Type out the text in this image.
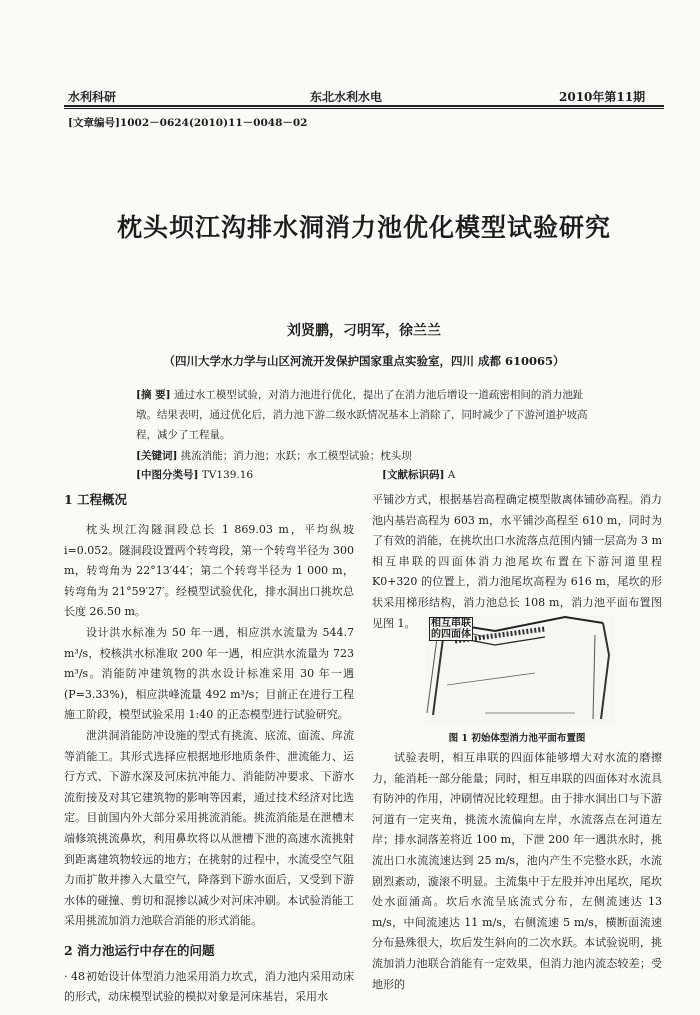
水利科研	东北水利水电	2010年第11期
[文章编号]1002－0624(2010)11－0048－02
枕头坝江沟排水洞消力池优化模型试验研究
刘贤鹏，刁明军，徐兰兰
（四川大学水力学与山区河流开发保护国家重点实验室，四川 成都 610065）
[摘 要] 通过水工模型试验，对消力池进行优化，提出了在消力池后增设一道疏密相间的消力池趾墩。结果表明，通过优化后，消力池下游二级水跃情况基本上消除了，同时减少了下游河道护坡高程，减少了工程量。
[关键词] 挑流消能；消力池；水跃；水工模型试验；枕头坝
[中图分类号] TV139.16	[文献标识码] A

1 工程概况

枕头坝江沟隧洞段总长 1 869.03 m，平均纵坡 i=0.052。隧洞段设置两个转弯段，第一个转弯半径为 300 m，转弯角为 22°13′44′；第二个转弯半径为 1 000 m，转弯角为 21°59′27′。经模型试验优化，排水洞出口挑坎总长度 26.50 m。

设计洪水标准为 50 年一遇，相应洪水流量为 544.7 m³/s，校核洪水标准取 200 年一遇，相应洪水流量为 723 m³/s。消能防冲建筑物的洪水设计标准采用 30 年一遇(P=3.33%)，相应洪峰流量 492 m³/s；目前正在进行工程施工阶段，模型试验采用 1:40 的正态模型进行试验研究。

泄洪洞消能防冲设施的型式有挑流、底流、面流、戽流等消能工。其形式选择应根据地形地质条件、泄流能力、运行方式、下游水深及河床抗冲能力、消能防冲要求、下游水流衔接及对其它建筑物的影响等因素，通过技术经济对比选定。目前国内外大部分采用挑流消能。挑流消能是在泄槽末端修筑挑流鼻坎，利用鼻坎将以从泄槽下泄的高速水流挑射到距离建筑物较远的地方；在挑射的过程中，水流受空气阻力而扩散并掺入大量空气，降落到下游水面后，又受到下游水体的碰撞、剪切和混掺以减少对河床冲刷。本试验消能工采用挑流加消力池联合消能的形式消能。

2 消力池运行中存在的问题

初始设计体型消力池采用消力坎式，消力池内采用动床的形式，动床模型试验的模拟对象是河床基岩，采用水

平铺沙方式，根据基岩高程确定模型散离体铺砂高程。消力池内基岩高程为 603 m，水平铺沙高程至 610 m，同时为了有效的消能，在挑坎出口水流落点范围内铺一层高为 3 m 相互串联的四面体消力池尾坎布置在下游河道里程 K0+320 的位置上，消力池尾坎高程为 616 m，尾坎的形状采用梯形结构，消力池总长 108 m，消力池平面布置图见图 1。	相互串联
的四面体
图 1 初始体型消力池平面布置图

试验表明，相互串联的四面体能够增大对水流的磨擦力，能消耗一部分能量；同时，相互串联的四面体对水流具有防冲的作用，冲刷情况比较理想。由于排水洞出口与下游河道有一定夹角，挑流水流偏向左岸，水流落点在河道左岸；排水洞落差将近 100 m，下泄 200 年一遇洪水时，挑流出口水流流速达到 25 m/s，池内产生不完整水跃，水流剧烈紊动，漩滚不明显。主流集中于左股并冲出尾坎，尾坎处水面涌高。坎后水流呈底流式分布，左侧流速达 13 m/s，中间流速达 11 m/s，右侧流速 5 m/s，横断面流速分布悬殊很大，坎后发生斜向的二次水跃。本试验说明，挑流加消力池联合消能有一定效果，但消力池内流态较差；受地形的

· 48 ·
